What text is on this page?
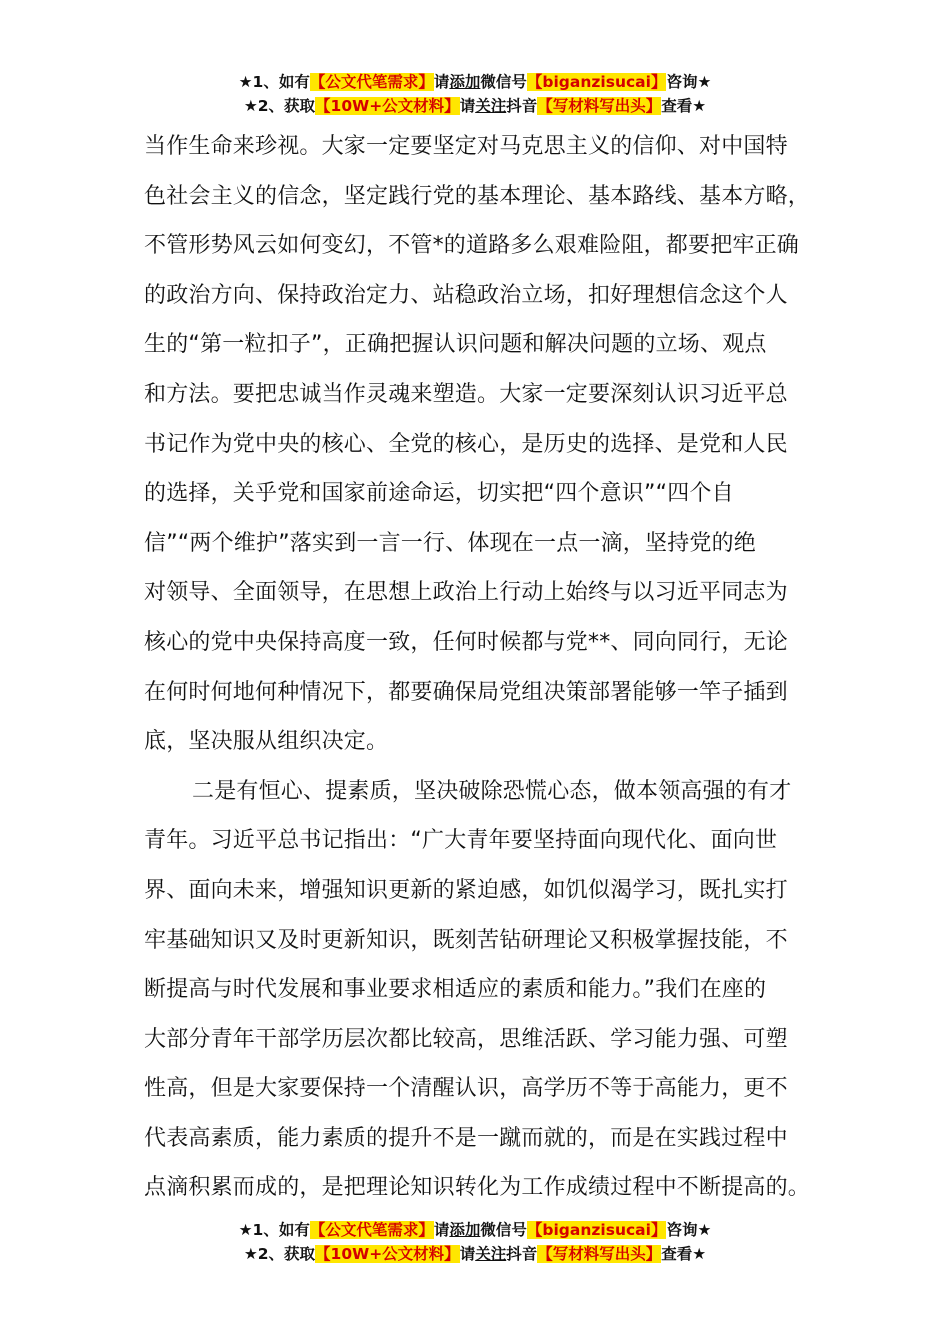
★1、如有【公文代笔需求】请添加微信号【biganzisucai】咨询★
★2、获取【10W+公文材料】请关注抖音【写材料写出头】查看★
当作生命来珍视。大家一定要坚定对马克思主义的信仰、对中国特
色社会主义的信念，坚定践行党的基本理论、基本路线、基本方略，
不管形势风云如何变幻，不管*的道路多么艰难险阻，都要把牢正确
的政治方向、保持政治定力、站稳政治立场，扣好理想信念这个人
生的“第一粒扣子”，正确把握认识问题和解决问题的立场、观点
和方法。要把忠诚当作灵魂来塑造。大家一定要深刻认识习近平总
书记作为党中央的核心、全党的核心，是历史的选择、是党和人民
的选择，关乎党和国家前途命运，切实把“四个意识”“四个自
信”“两个维护”落实到一言一行、体现在一点一滴，坚持党的绝
对领导、全面领导，在思想上政治上行动上始终与以习近平同志为
核心的党中央保持高度一致，任何时候都与党**、同向同行，无论
在何时何地何种情况下，都要确保局党组决策部署能够一竿子插到
底，坚决服从组织决定。
二是有恒心、提素质，坚决破除恐慌心态，做本领高强的有才
青年。习近平总书记指出：“广大青年要坚持面向现代化、面向世
界、面向未来，增强知识更新的紧迫感，如饥似渴学习，既扎实打
牢基础知识又及时更新知识，既刻苦钻研理论又积极掌握技能，不
断提高与时代发展和事业要求相适应的素质和能力。”我们在座的
大部分青年干部学历层次都比较高，思维活跃、学习能力强、可塑
性高，但是大家要保持一个清醒认识，高学历不等于高能力，更不
代表高素质，能力素质的提升不是一蹴而就的，而是在实践过程中
点滴积累而成的，是把理论知识转化为工作成绩过程中不断提高的。
★1、如有【公文代笔需求】请添加微信号【biganzisucai】咨询★
★2、获取【10W+公文材料】请关注抖音【写材料写出头】查看★
